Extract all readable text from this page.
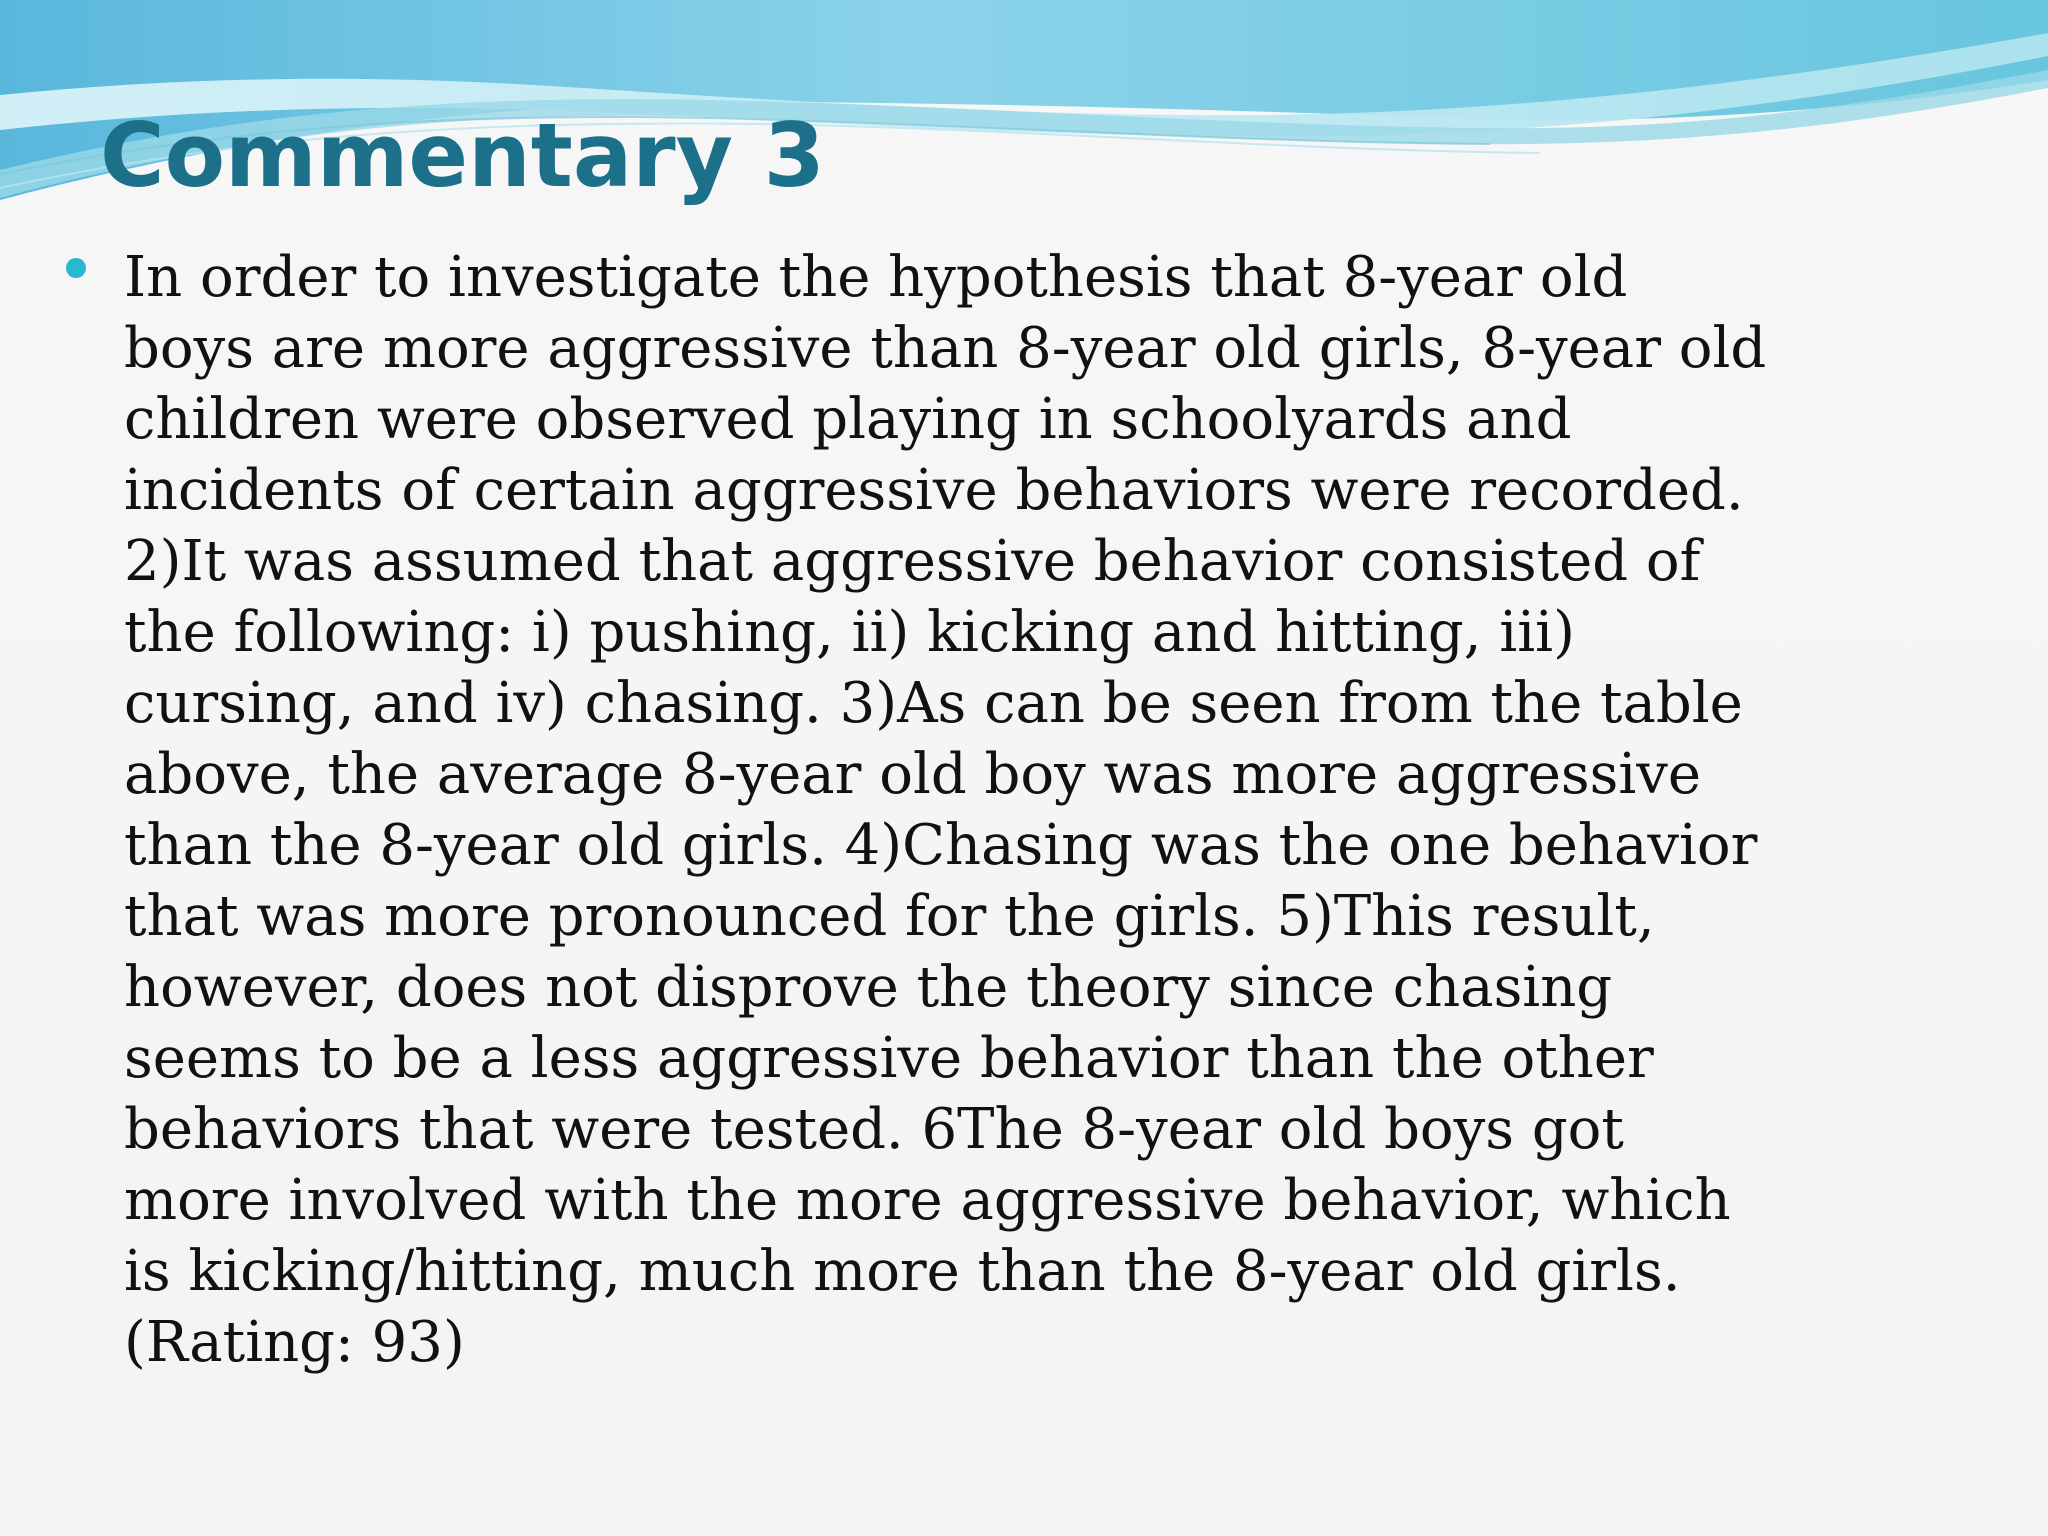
Commentary 3

In order to investigate the hypothesis that 8-year old
boys are more aggressive than 8-year old girls, 8-year old
children were observed playing in schoolyards and
incidents of certain aggressive behaviors were recorded.
2)It was assumed that aggressive behavior consisted of
the following: i) pushing, ii) kicking and hitting, iii)
cursing, and iv) chasing. 3)As can be seen from the table
above, the average 8-year old boy was more aggressive
than the 8-year old girls. 4)Chasing was the one behavior
that was more pronounced for the girls. 5)This result,
however, does not disprove the theory since chasing
seems to be a less aggressive behavior than the other
behaviors that were tested. 6The 8-year old boys got
more involved with the more aggressive behavior, which
is kicking/hitting, much more than the 8-year old girls.
(Rating: 93)
